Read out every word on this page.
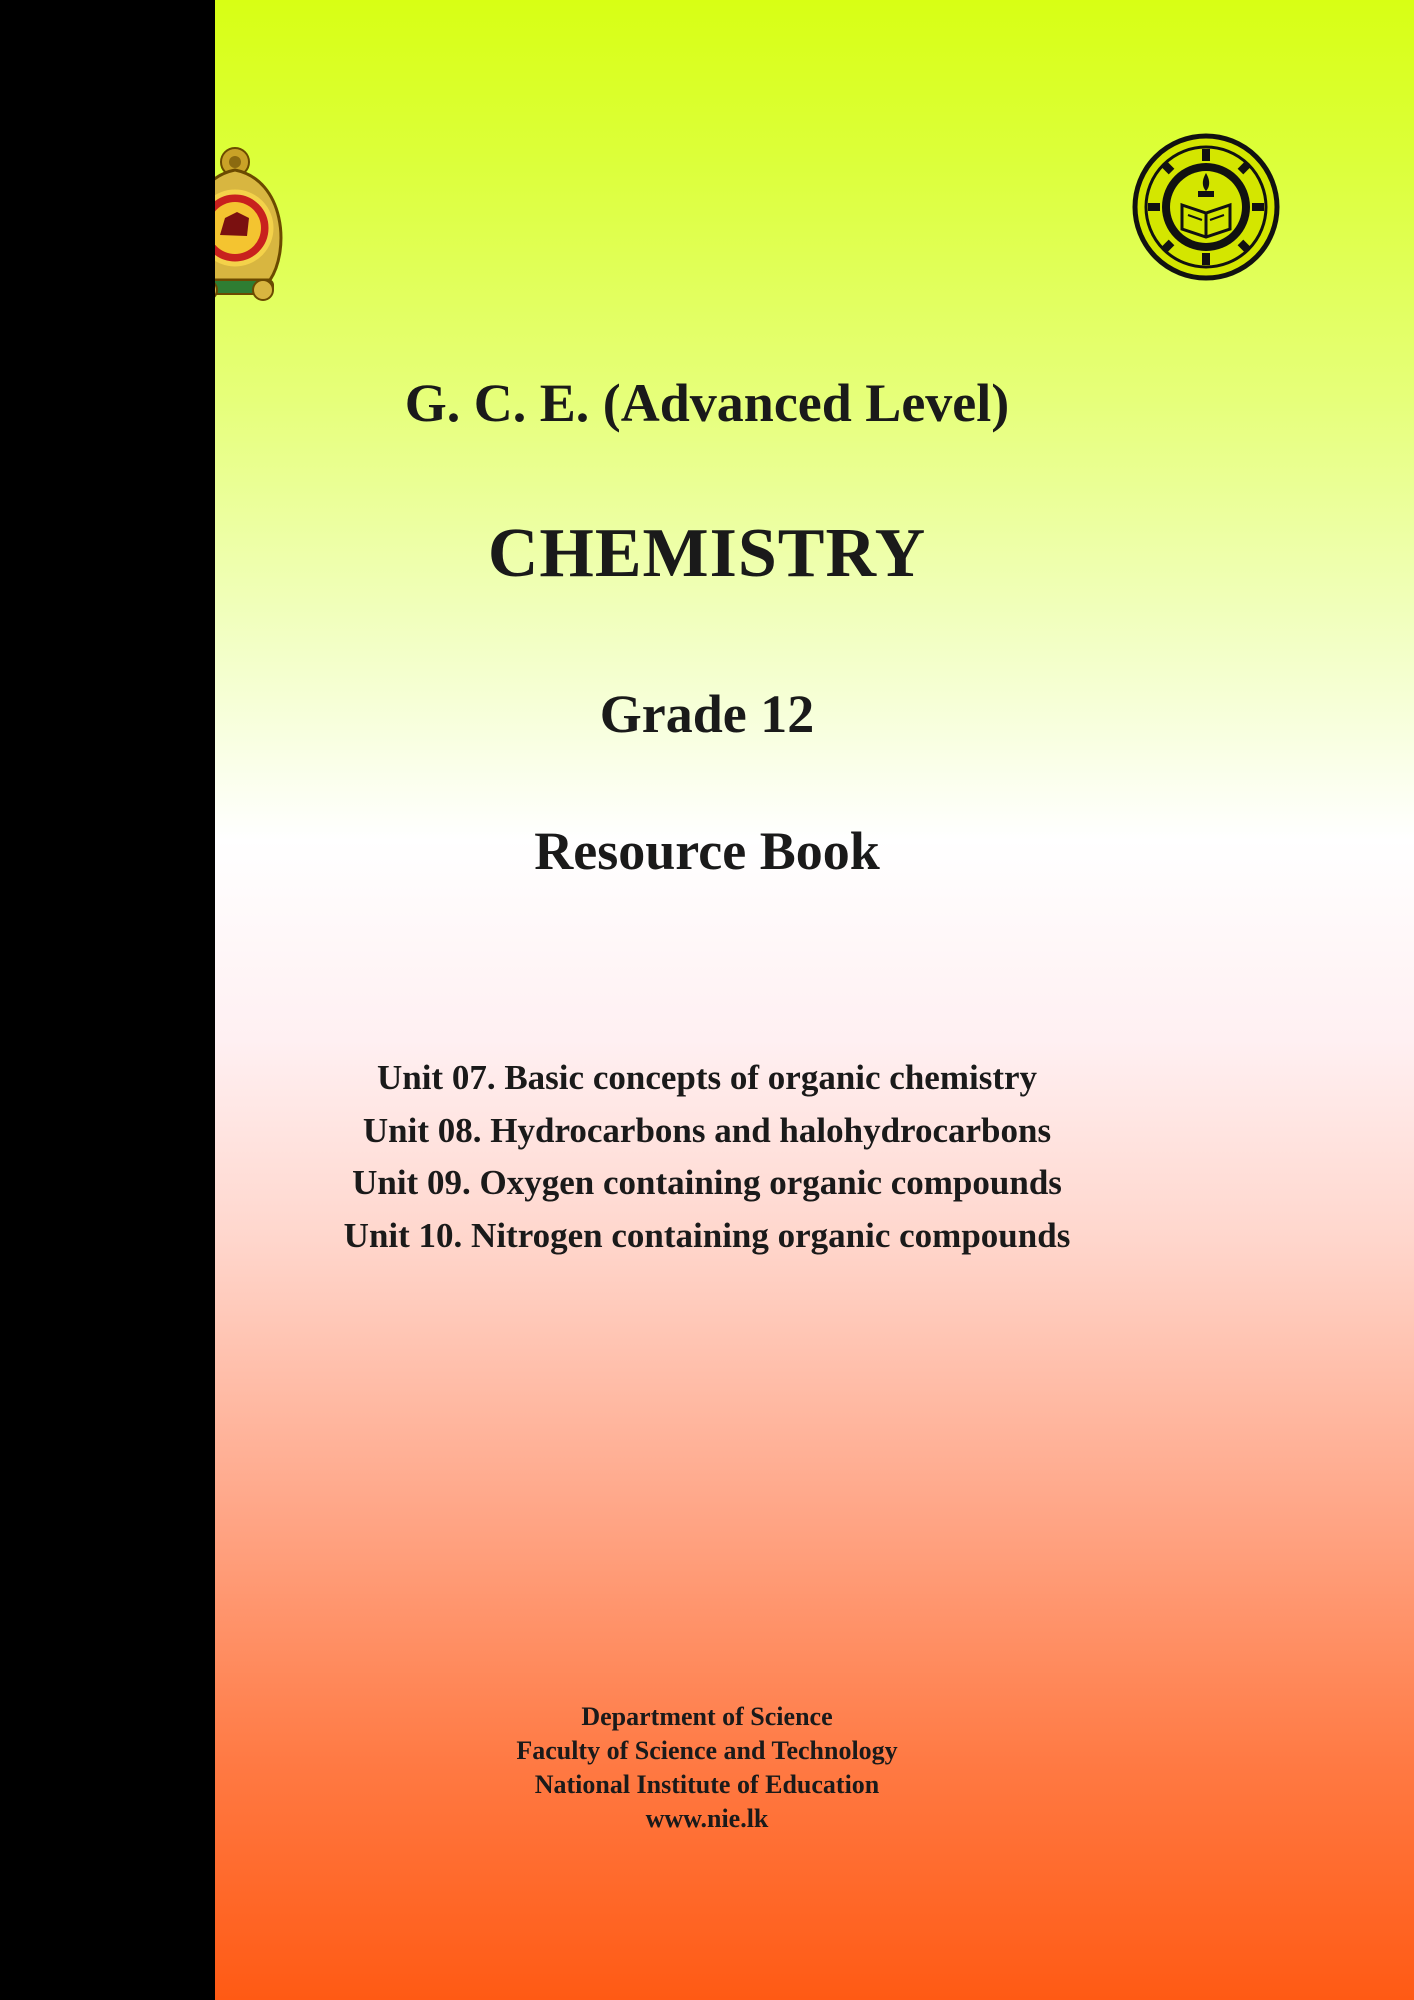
G. C. E. (Advanced Level)
CHEMISTRY
Grade 12
Resource Book
Unit 07. Basic concepts of organic chemistry
Unit 08. Hydrocarbons and halohydrocarbons
Unit 09. Oxygen containing organic compounds
Unit 10. Nitrogen containing organic compounds
Department of Science
Faculty of Science and Technology
National Institute of Education
www.nie.lk
